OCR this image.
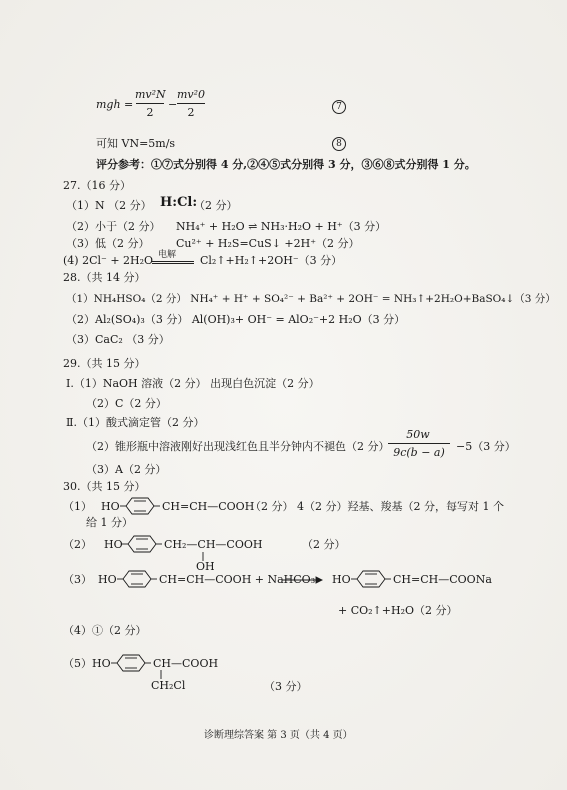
mgh =
mv²N
2
−
mv²0
2	7
可知 VN=5m/s	8
评分参考：①⑦式分别得 4 分,②④⑤式分别得 3 分，③⑥⑧式分别得 1 分。
27.（16 分）
（1）N （2 分） H:Cl:
（2 分）
（2）小于（2 分） NH₄⁺ + H₂O ⇌ NH₃·H₂O + H⁺（3 分）
（3）低（2 分） Cu²⁺ + H₂S=CuS↓ +2H⁺（2 分）
(4) 2Cl⁻ + 2H₂O 电解 Cl₂↑+H₂↑+2OH⁻（3 分）
28.（共 14 分）
（1）NH₄HSO₄（2 分） NH₄⁺ + H⁺ + SO₄²⁻ + Ba²⁺ + 2OH⁻ = NH₃↑+2H₂O+BaSO₄↓（3 分）
（2）Al₂(SO₄)₃（3 分） Al(OH)₃+ OH⁻ = AlO₂⁻+2 H₂O（3 分）
（3）CaC₂ （3 分）
29.（共 15 分）
Ⅰ.（1）NaOH 溶液（2 分） 出现白色沉淀（2 分）
（2）C（2 分）
Ⅱ.（1）酸式滴定管（2 分）
（2）锥形瓶中溶液刚好出现浅红色且半分钟内不褪色（2 分）
50w
9c(b − a)	−5（3 分）
（3）A（2 分）
30.（共 15 分）
（1） HO	CH=CH—COOH
（2 分） 4（2 分）羟基、羧基（2 分，每写对 1 个
给 1 分）
（2） HO	CH₂—CH—COOH
OH
（2 分）
（3） HO	CH=CH—COOH + NaHCO₃ → HO	CH=CH—COONa
+ CO₂↑+H₂O（2 分）
（4）①（2 分）
（5） HO	CH—COOH
CH₂Cl	（3 分）
诊断理综答案 第 3 页（共 4 页）
